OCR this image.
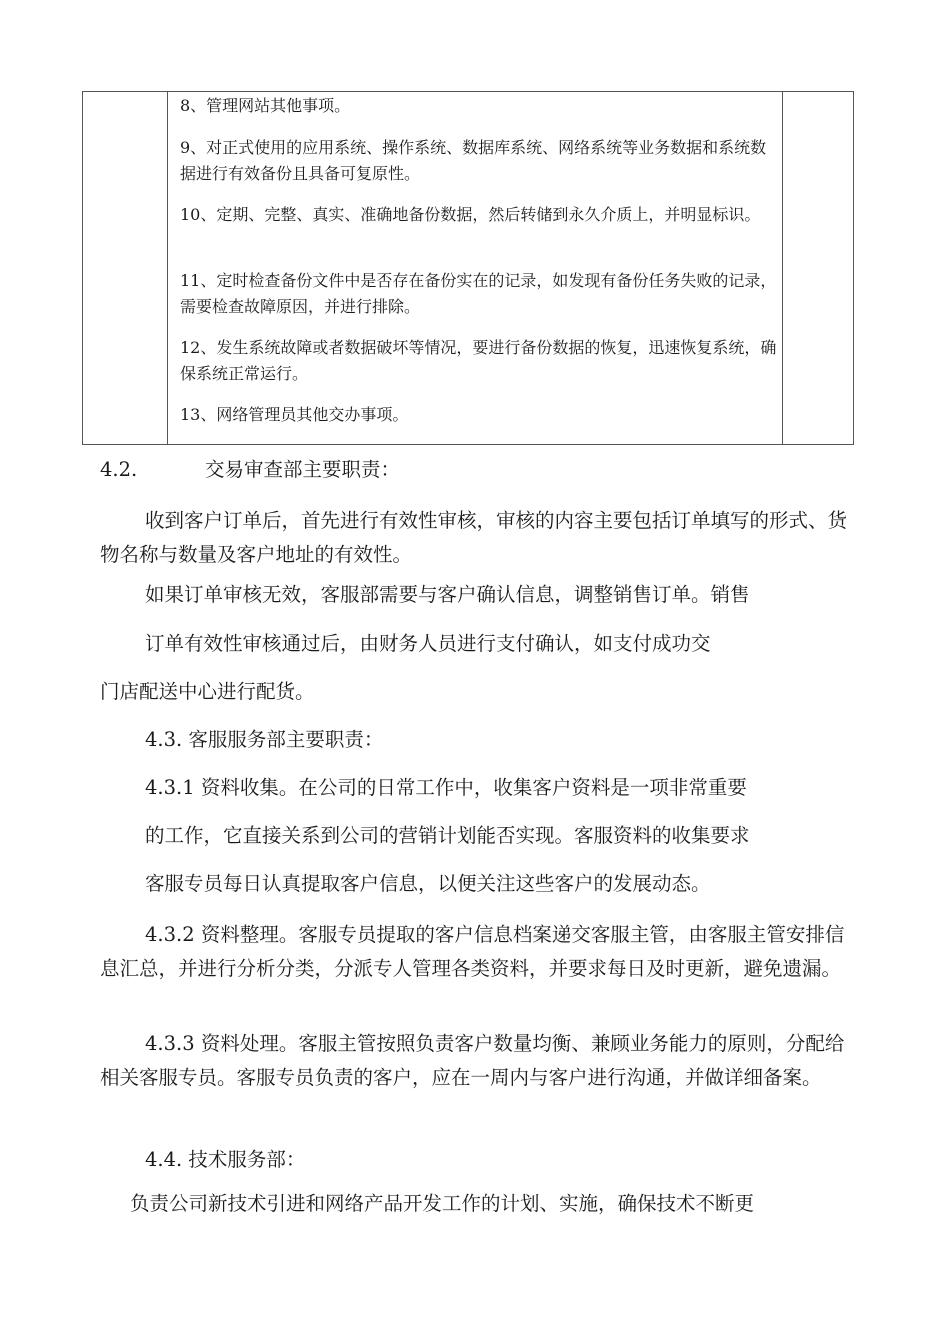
8、管理网站其他事项。
9、对正式使用的应用系统、操作系统、数据库系统、网络系统等业务数据和系统数据进行有效备份且具备可复原性。
10、定期、完整、真实、准确地备份数据，然后转储到永久介质上，并明显标识。
11、定时检查备份文件中是否存在备份实在的记录，如发现有备份任务失败的记录，需要检查故障原因，并进行排除。
12、发生系统故障或者数据破坏等情况，要进行备份数据的恢复，迅速恢复系统，确保系统正常运行。
13、网络管理员其他交办事项。
4.2.	交易审查部主要职责：
收到客户订单后，首先进行有效性审核，审核的内容主要包括订单填写的形式、货物名称与数量及客户地址的有效性。
如果订单审核无效，客服部需要与客户确认信息，调整销售订单。销售
订单有效性审核通过后，由财务人员进行支付确认，如支付成功交
门店配送中心进行配货。
4.3. 客服服务部主要职责：
4.3.1 资料收集。在公司的日常工作中，收集客户资料是一项非常重要
的工作，它直接关系到公司的营销计划能否实现。客服资料的收集要求
客服专员每日认真提取客户信息，以便关注这些客户的发展动态。
4.3.2 资料整理。客服专员提取的客户信息档案递交客服主管，由客服主管安排信息汇总，并进行分析分类，分派专人管理各类资料，并要求每日及时更新，避免遗漏。
4.3.3 资料处理。客服主管按照负责客户数量均衡、兼顾业务能力的原则，分配给相关客服专员。客服专员负责的客户，应在一周内与客户进行沟通，并做详细备案。
4.4. 技术服务部：
负责公司新技术引进和网络产品开发工作的计划、实施，确保技术不断更
